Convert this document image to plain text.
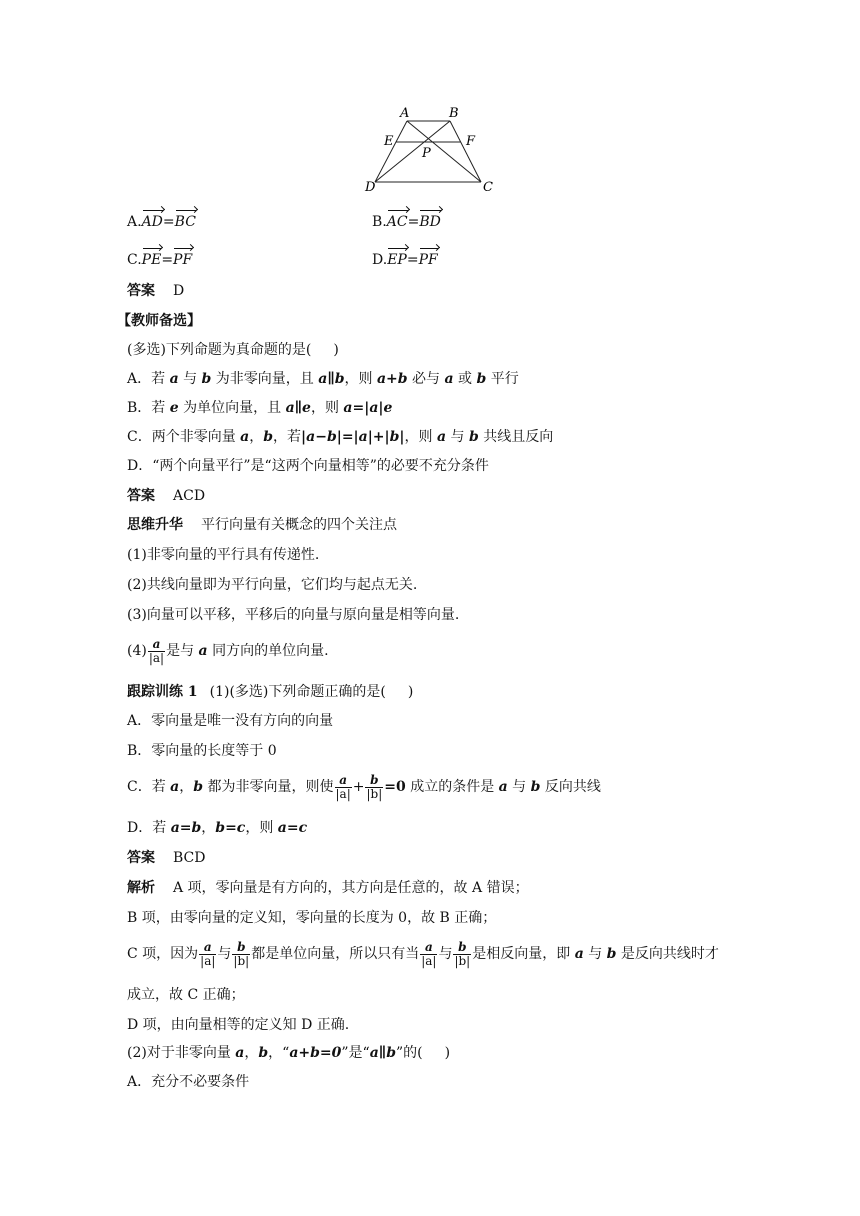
A	B
E	F
P
D	C
A.AD=BC	B.AC=BD
C.PE=PF	D.EP=PF
答案 D
【教师备选】
(多选)下列命题为真命题的是( )
A．若 a 与 b 为非零向量，且 a∥b，则 a+b 必与 a 或 b 平行
B．若 e 为单位向量，且 a∥e，则 a=|a|e
C．两个非零向量 a，b，若|a−b|=|a|+|b|，则 a 与 b 共线且反向
D．“两个向量平行”是“这两个向量相等”的必要不充分条件
答案 ACD
思维升华 平行向量有关概念的四个关注点
(1)非零向量的平行具有传递性.
(2)共线向量即为平行向量，它们均与起点无关.
(3)向量可以平移，平移后的向量与原向量是相等向量.
$(4) \frac{a}{|a|}$ 是与 a 同方向的单位向量.
跟踪训练 1 (1)(多选)下列命题正确的是( )
A．零向量是唯一没有方向的向量
B．零向量的长度等于 0
C．若 a，b 都为非零向量，则使 $\frac{a}{|a|} + \frac{b}{|b|} =0$ 成立的条件是 a 与 b 反向共线
D．若 a=b，b=c，则 a=c
答案 BCD
解析 A 项，零向量是有方向的，其方向是任意的，故 A 错误；
B 项，由零向量的定义知，零向量的长度为 0，故 B 正确；
C 项，因为 $\frac{a}{|a|}$ 与 $\frac{b}{|b|}$ 都是单位向量，所以只有当 $\frac{a}{|a|}$ 与 $\frac{b}{|b|}$ 是相反向量，即 a 与 b 是反向共线时才
成立，故 C 正确；
D 项，由向量相等的定义知 D 正确.
(2)对于非零向量 a，b，“a+b=0”是“a∥b”的( )
A．充分不必要条件
